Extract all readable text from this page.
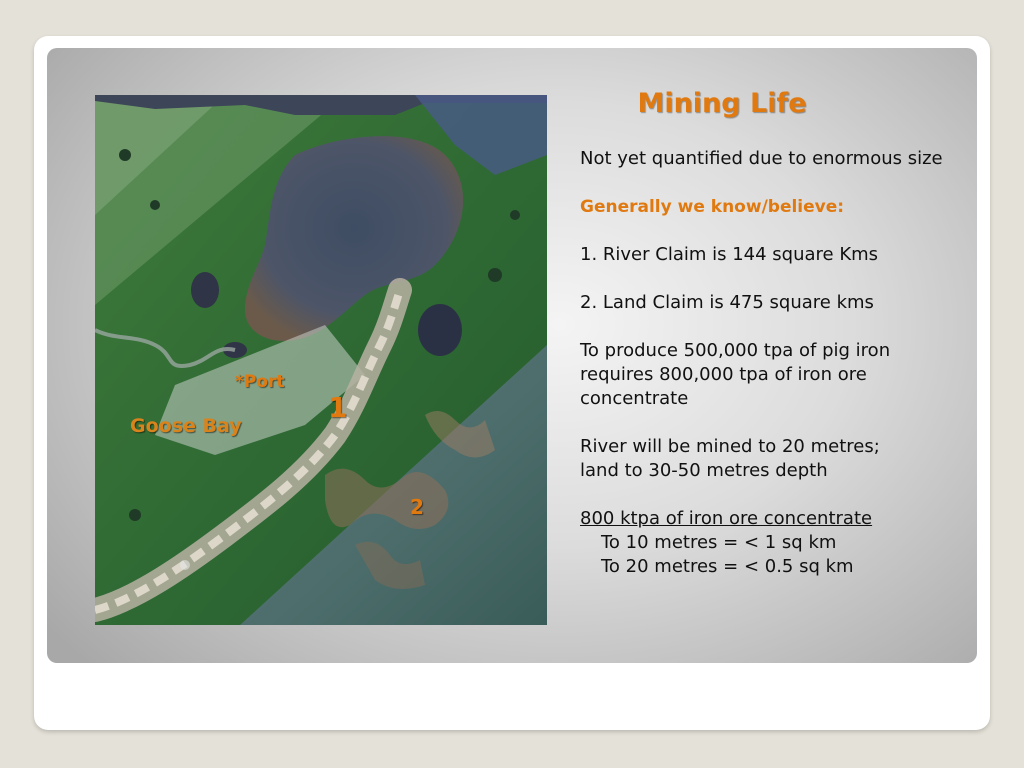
*Port
Goose Bay
1
2
Mining Life

Not yet quantified due to enormous size

Generally we know/believe:

1. River Claim is 144 square Kms

2. Land Claim is 475 square kms

To produce 500,000 tpa of pig iron
requires 800,000 tpa of iron ore
concentrate

River will be mined to 20 metres;
land to 30-50 metres depth

800 ktpa of iron ore concentrate
To 10 metres = < 1 sq km
To 20 metres = < 0.5 sq km
